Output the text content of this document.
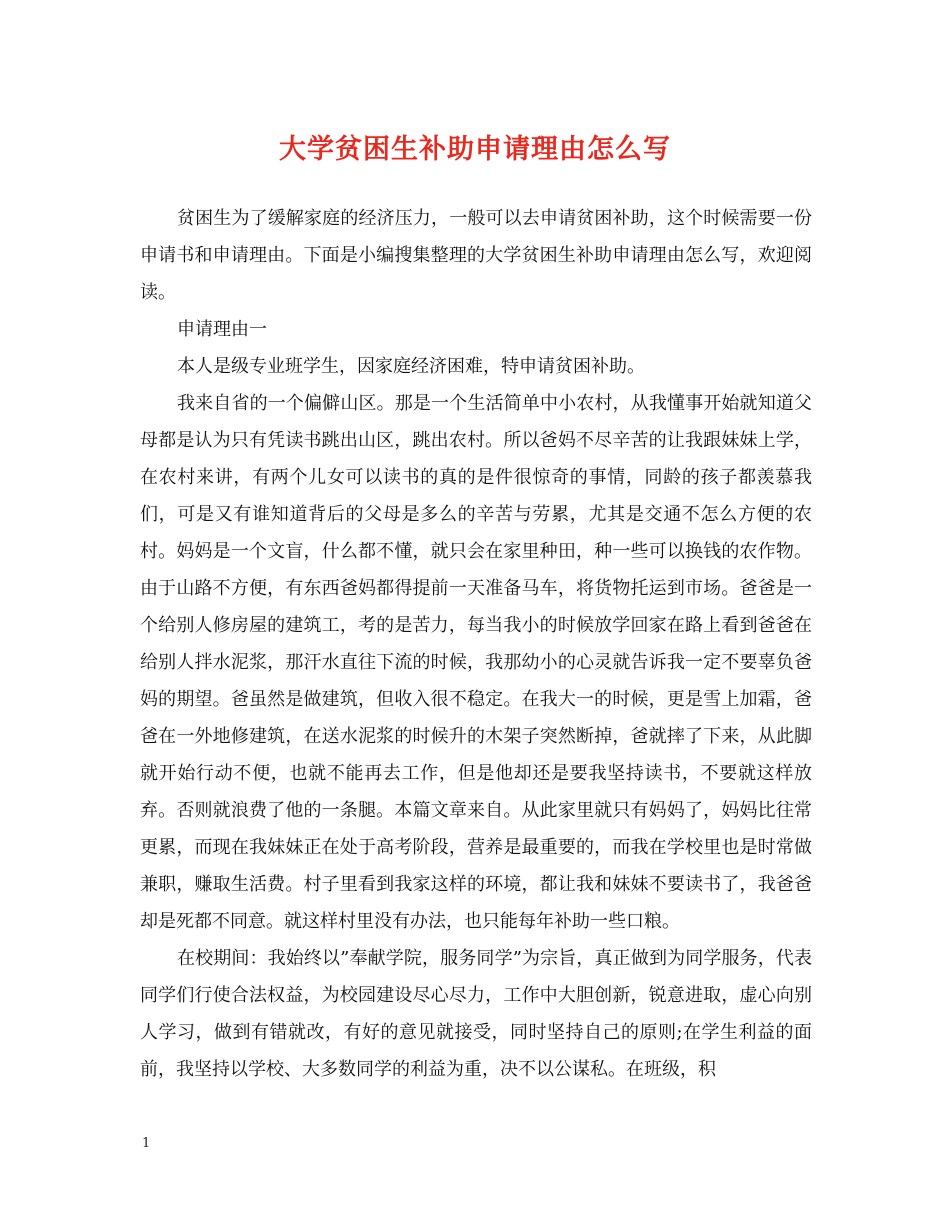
大学贫困生补助申请理由怎么写

贫困生为了缓解家庭的经济压力，一般可以去申请贫困补助，这个时候需要一份申请书和申请理由。下面是小编搜集整理的大学贫困生补助申请理由怎么写，欢迎阅读。

申请理由一

本人是级专业班学生，因家庭经济困难，特申请贫困补助。

我来自省的一个偏僻山区。那是一个生活简单中小农村，从我懂事开始就知道父母都是认为只有凭读书跳出山区，跳出农村。所以爸妈不尽辛苦的让我跟妹妹上学，在农村来讲，有两个儿女可以读书的真的是件很惊奇的事情，同龄的孩子都羡慕我们，可是又有谁知道背后的父母是多么的辛苦与劳累，尤其是交通不怎么方便的农村。妈妈是一个文盲，什么都不懂，就只会在家里种田，种一些可以换钱的农作物。由于山路不方便，有东西爸妈都得提前一天准备马车，将货物托运到市场。爸爸是一个给别人修房屋的建筑工，考的是苦力，每当我小的时候放学回家在路上看到爸爸在给别人拌水泥浆，那汗水直往下流的时候，我那幼小的心灵就告诉我一定不要辜负爸妈的期望。爸虽然是做建筑，但收入很不稳定。在我大一的时候，更是雪上加霜，爸爸在一外地修建筑，在送水泥浆的时候升的木架子突然断掉，爸就摔了下来，从此脚就开始行动不便，也就不能再去工作，但是他却还是要我坚持读书，不要就这样放弃。否则就浪费了他的一条腿。本篇文章来自。从此家里就只有妈妈了，妈妈比往常更累，而现在我妹妹正在处于高考阶段，营养是最重要的，而我在学校里也是时常做兼职，赚取生活费。村子里看到我家这样的环境，都让我和妹妹不要读书了，我爸爸却是死都不同意。就这样村里没有办法，也只能每年补助一些口粮。

在校期间：我始终以”奉献学院，服务同学”为宗旨，真正做到为同学服务，代表同学们行使合法权益，为校园建设尽心尽力，工作中大胆创新，锐意进取，虚心向别人学习，做到有错就改，有好的意见就接受，同时坚持自己的原则;在学生利益的面前，我坚持以学校、大多数同学的利益为重，决不以公谋私。在班级，积

1
